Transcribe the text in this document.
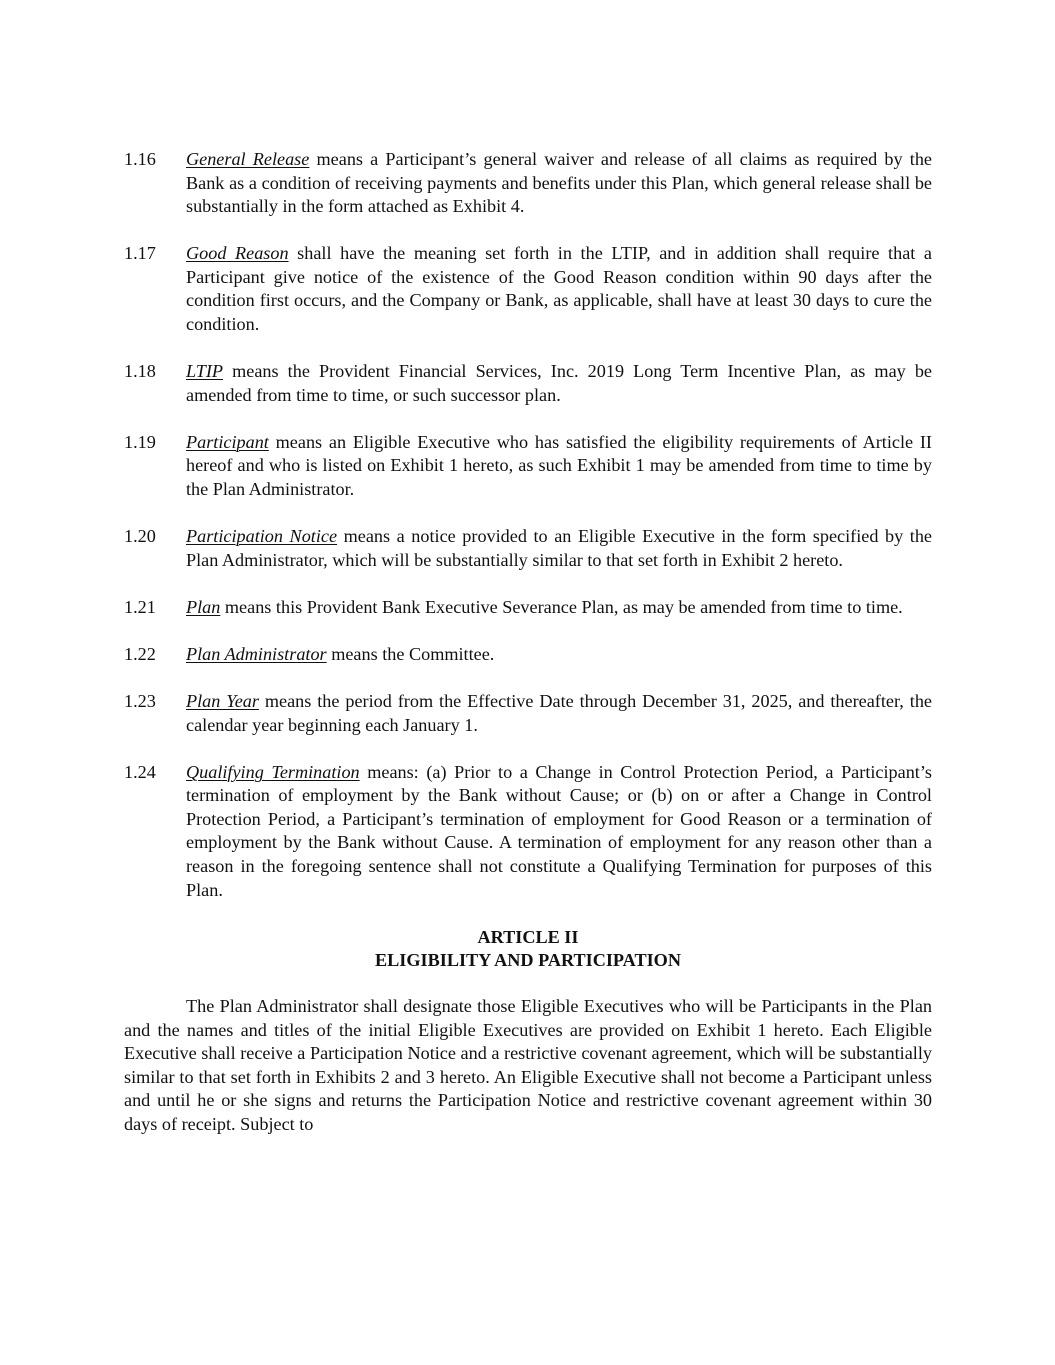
1.16	General Release means a Participant’s general waiver and release of all claims as required by the Bank as a condition of receiving payments and benefits under this Plan, which general release shall be substantially in the form attached as Exhibit 4.
1.17	Good Reason shall have the meaning set forth in the LTIP, and in addition shall require that a Participant give notice of the existence of the Good Reason condition within 90 days after the condition first occurs, and the Company or Bank, as applicable, shall have at least 30 days to cure the condition.
1.18	LTIP means the Provident Financial Services, Inc. 2019 Long Term Incentive Plan, as may be amended from time to time, or such successor plan.
1.19	Participant means an Eligible Executive who has satisfied the eligibility requirements of Article II hereof and who is listed on Exhibit 1 hereto, as such Exhibit 1 may be amended from time to time by the Plan Administrator.
1.20	Participation Notice means a notice provided to an Eligible Executive in the form specified by the Plan Administrator, which will be substantially similar to that set forth in Exhibit 2 hereto.
1.21	Plan means this Provident Bank Executive Severance Plan, as may be amended from time to time.
1.22	Plan Administrator means the Committee.
1.23	Plan Year means the period from the Effective Date through December 31, 2025, and thereafter, the calendar year beginning each January 1.
1.24	Qualifying Termination means: (a) Prior to a Change in Control Protection Period, a Participant’s termination of employment by the Bank without Cause; or (b) on or after a Change in Control Protection Period, a Participant’s termination of employment for Good Reason or a termination of employment by the Bank without Cause. A termination of employment for any reason other than a reason in the foregoing sentence shall not constitute a Qualifying Termination for purposes of this Plan.
ARTICLE II
ELIGIBILITY AND PARTICIPATION
The Plan Administrator shall designate those Eligible Executives who will be Participants in the Plan and the names and titles of the initial Eligible Executives are provided on Exhibit 1 hereto. Each Eligible Executive shall receive a Participation Notice and a restrictive covenant agreement, which will be substantially similar to that set forth in Exhibits 2 and 3 hereto. An Eligible Executive shall not become a Participant unless and until he or she signs and returns the Participation Notice and restrictive covenant agreement within 30 days of receipt. Subject to
